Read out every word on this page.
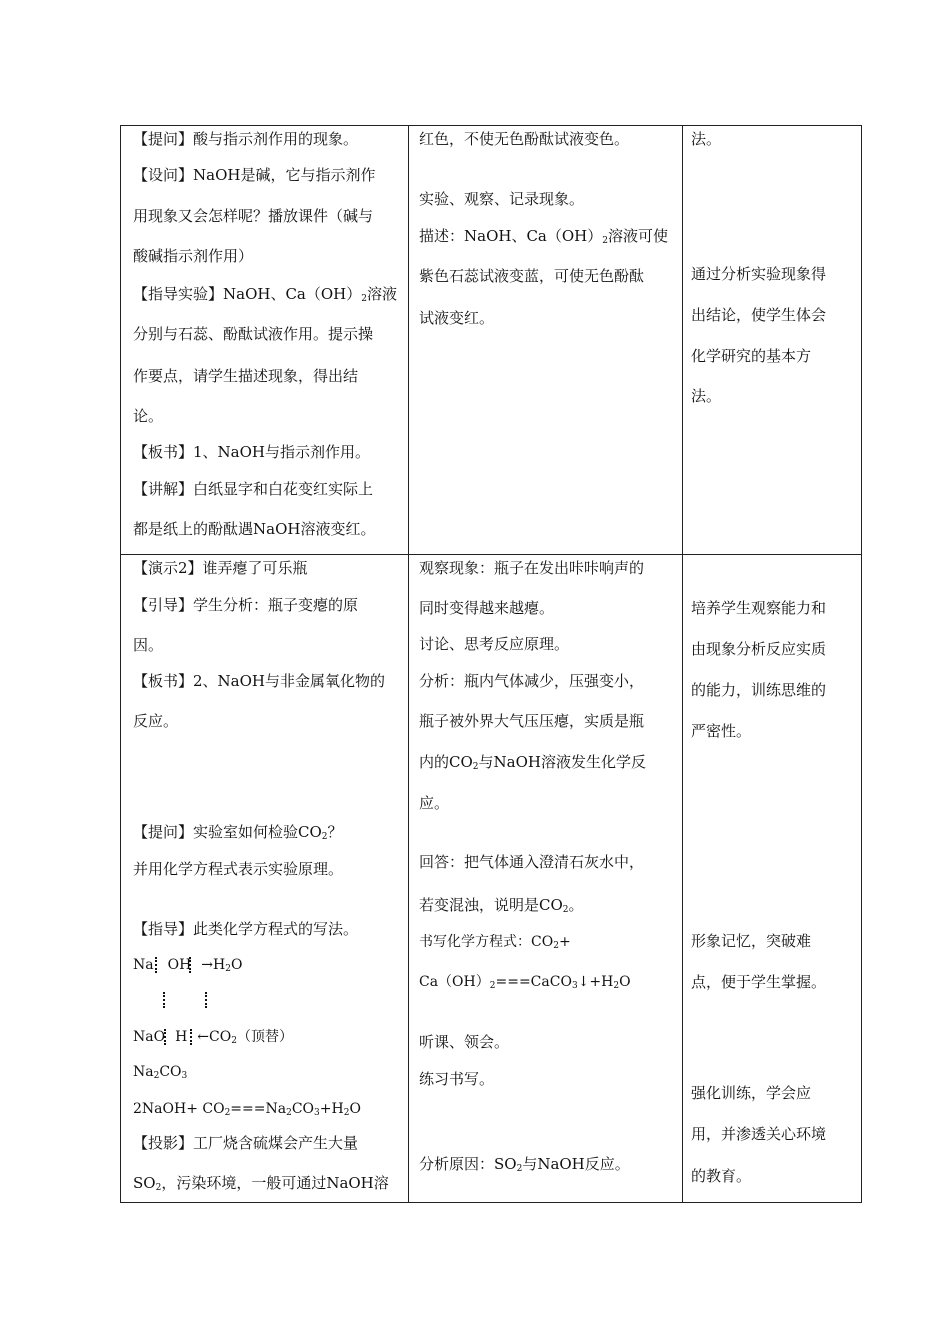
【提问】酸与指示剂作用的现象。
【设问】NaOH是碱，它与指示剂作
用现象又会怎样呢？播放课件（碱与
酸碱指示剂作用）
【指导实验】NaOH、$Ca(OH)_2$溶液
分别与石蕊、酚酞试液作用。提示操
作要点，请学生描述现象，得出结
论。
【板书】1、NaOH与指示剂作用。
【讲解】白纸显字和白花变红实际上
都是纸上的酚酞遇NaOH溶液变红。
红色，不使无色酚酞试液变色。
实验、观察、记录现象。
描述：NaOH、$Ca(OH)_2$溶液可使
紫色石蕊试液变蓝，可使无色酚酞
试液变红。
法。
通过分析实验现象得
出结论，使学生体会
化学研究的基本方
法。
【演示2】谁弄瘪了可乐瓶
【引导】学生分析：瓶子变瘪的原
因。
【板书】2、NaOH与非金属氧化物的
反应。
【提问】实验室如何检验$CO_2$？
并用化学方程式表示实验原理。
【指导】此类化学方程式的写法。
Na OH $\to H_2O$
NaO H $\leftarrow CO_2$（顶替）
$Na_2CO_3$
2NaOH+ $CO_2===Na_2CO_3+H_2O$
【投影】工厂烧含硫煤会产生大量
$SO_2$，污染环境，一般可通过NaOH溶
观察现象：瓶子在发出咔咔响声的
同时变得越来越瘪。
讨论、思考反应原理。
分析：瓶内气体减少，压强变小，
瓶子被外界大气压压瘪，实质是瓶
内的$CO_2$与NaOH溶液发生化学反
应。
回答：把气体通入澄清石灰水中，
若变混浊，说明是$CO_2$。
书写化学方程式：$CO_2+$
$Ca(OH)_2===CaCO_3↓+H_2O$
听课、领会。
练习书写。
分析原因：$SO_2$与NaOH反应。
培养学生观察能力和
由现象分析反应实质
的能力，训练思维的
严密性。
形象记忆，突破难
点，便于学生掌握。
强化训练，学会应
用，并渗透关心环境
的教育。
